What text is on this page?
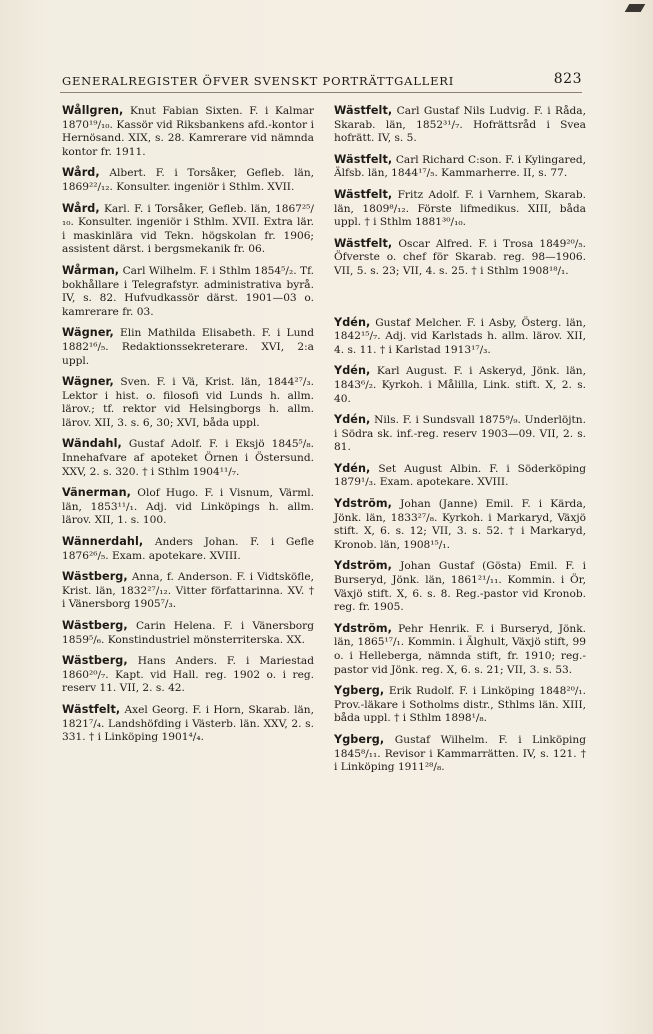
GENERALREGISTER ÖFVER SVENSKT PORTRÄTTGALLERI	823
Wållgren, Knut Fabian Sixten. F. i Kalmar 1870¹⁹/₁₀. Kassör vid Riksbankens afd.-kontor i Hernösand. XIX, s. 28. Kamrerare vid nämnda kontor fr. 1911.
Wård, Albert. F. i Torsåker, Gefleb. län, 1869²²/₁₂. Konsulter. ingeniör i Sthlm. XVII.
Wård, Karl. F. i Torsåker, Gefleb. län, 1867²⁵/₁₀. Konsulter. ingeniör i Sthlm. XVII. Extra lär. i maskinlära vid Tekn. högskolan fr. 1906; assistent därst. i bergsmekanik fr. 06.
Wårman, Carl Wilhelm. F. i Sthlm 1854⁵/₂. Tf. bokhållare i Telegrafstyr. administrativa byrå. IV, s. 82. Hufvudkassör därst. 1901—03 o. kamrerare fr. 03.
Wägner, Elin Mathilda Elisabeth. F. i Lund 1882¹⁶/₅. Redaktionssekreterare. XVI, 2:a uppl.
Wägner, Sven. F. i Vä, Krist. län, 1844²⁷/₃. Lektor i hist. o. filosofi vid Lunds h. allm. lärov.; tf. rektor vid Helsingborgs h. allm. lärov. XII, 3. s. 6, 30; XVI, båda uppl.
Wändahl, Gustaf Adolf. F. i Eksjö 1845⁵/₈. Innehafvare af apoteket Örnen i Östersund. XXV, 2. s. 320. † i Sthlm 1904¹¹/₇.
Vänerman, Olof Hugo. F. i Visnum, Värml. län, 1853¹¹/₁. Adj. vid Linköpings h. allm. lärov. XII, 1. s. 100.
Wännerdahl, Anders Johan. F. i Gefle 1876²⁶/₅. Exam. apotekare. XVIII.
Wästberg, Anna, f. Anderson. F. i Vidtsköfle, Krist. län, 1832²⁷/₁₂. Vitter författarinna. XV. † i Vänersborg 1905⁷/₃.
Wästberg, Carin Helena. F. i Vänersborg 1859⁵/₆. Konstindustriel mönsterriterska. XX.
Wästberg, Hans Anders. F. i Mariestad 1860²⁰/₇. Kapt. vid Hall. reg. 1902 o. i reg. reserv 11. VII, 2. s. 42.
Wästfelt, Axel Georg. F. i Horn, Skarab. län, 1821⁷/₄. Landshöfding i Västerb. län. XXV, 2. s. 331. † i Linköping 1901⁴/₄.
Wästfelt, Carl Gustaf Nils Ludvig. F. i Råda, Skarab. län, 1852³¹/₇. Hofrättsråd i Svea hofrätt. IV, s. 5.
Wästfelt, Carl Richard C:son. F. i Kylingared, Älfsb. län, 1844¹⁷/₅. Kammarherre. II, s. 77.
Wästfelt, Fritz Adolf. F. i Varnhem, Skarab. län, 1809⁸/₁₂. Förste lifmedikus. XIII, båda uppl. † i Sthlm 1881³⁰/₁₀.
Wästfelt, Oscar Alfred. F. i Trosa 1849²⁰/₅. Öfverste o. chef för Skarab. reg. 98—1906. VII, 5. s. 23; VII, 4. s. 25. † i Sthlm 1908¹⁸/₁.
Ydén, Gustaf Melcher. F. i Asby, Österg. län, 1842¹⁵/₇. Adj. vid Karlstads h. allm. lärov. XII, 4. s. 11. † i Karlstad 1913¹⁷/₃.
Ydén, Karl August. F. i Askeryd, Jönk. län, 1843⁶/₂. Kyrkoh. i Målilla, Link. stift. X, 2. s. 40.
Ydén, Nils. F. i Sundsvall 1875⁹/₉. Underlöjtn. i Södra sk. inf.-reg. reserv 1903—09. VII, 2. s. 81.
Ydén, Set August Albin. F. i Söderköping 1879¹/₃. Exam. apotekare. XVIII.
Ydström, Johan (Janne) Emil. F. i Kärda, Jönk. län, 1833²⁷/₈. Kyrkoh. i Markaryd, Växjö stift. X, 6. s. 12; VII, 3. s. 52. † i Markaryd, Kronob. län, 1908¹⁵/₁.
Ydström, Johan Gustaf (Gösta) Emil. F. i Burseryd, Jönk. län, 1861²¹/₁₁. Kommin. i Ör, Växjö stift. X, 6. s. 8. Reg.-pastor vid Kronob. reg. fr. 1905.
Ydström, Pehr Henrik. F. i Burseryd, Jönk. län, 1865¹⁷/₁. Kommin. i Älghult, Växjö stift, 99 o. i Helleberga, nämnda stift, fr. 1910; reg.-pastor vid Jönk. reg. X, 6. s. 21; VII, 3. s. 53.
Ygberg, Erik Rudolf. F. i Linköping 1848²⁰/₁. Prov.-läkare i Sotholms distr., Sthlms län. XIII, båda uppl. † i Sthlm 1898¹/₈.
Ygberg, Gustaf Wilhelm. F. i Linköping 1845⁸/₁₁. Revisor i Kammarrätten. IV, s. 121. † i Linköping 1911²⁸/₈.
